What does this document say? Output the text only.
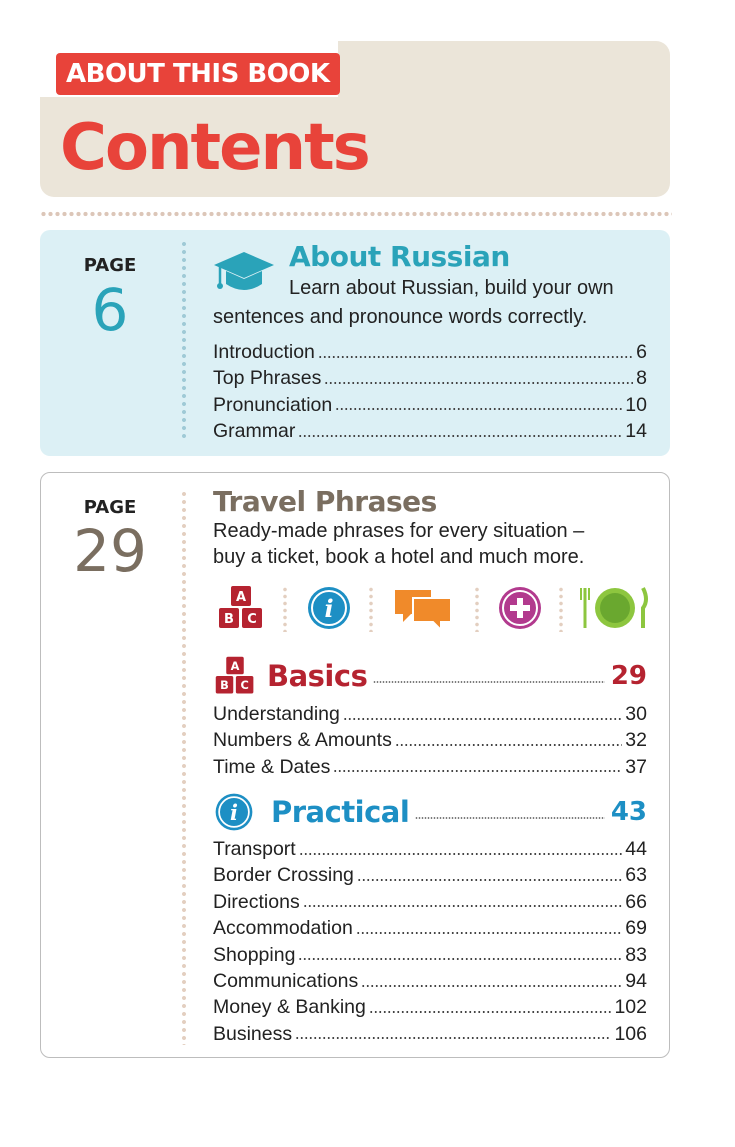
ABOUT THIS BOOK
Contents
PAGE
6
About Russian
Learn about Russian, build your own
sentences and pronounce words correctly.
Introduction	6
Top Phrases	8
Pronunciation	10
Grammar	14
PAGE
29
Travel Phrases
Ready-made phrases for every situation –
buy a ticket, book a hotel and much more.
A
B C	i
A
B C Basics	29
Understanding	30
Numbers & Amounts	32
Time & Dates	37
i Practical	43
Transport	44
Border Crossing	63
Directions	66
Accommodation	69
Shopping	83
Communications	94
Money & Banking	102
Business	106
